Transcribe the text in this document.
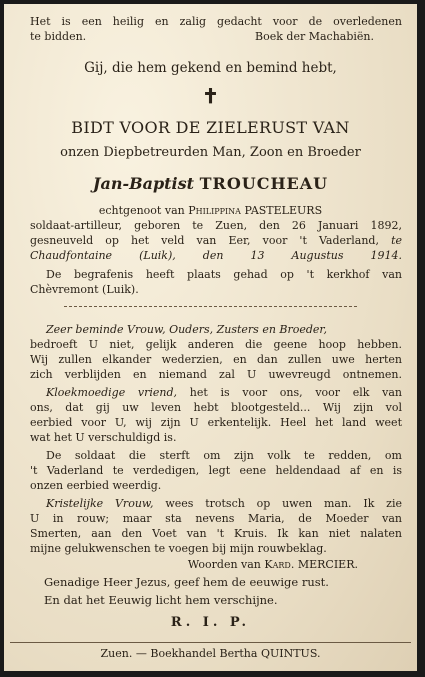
Het is een heilig en zalig gedacht voor de overledenen
te bidden.	Boek der Machabiën.
Gij, die hem gekend en bemind hebt,
✝
BIDT VOOR DE ZIELERUST VAN
onzen Diepbetreurden Man, Zoon en Broeder
Jan-Baptist TROUCHEAU
echtgenoot van Philippina PASTELEURS
soldaat-artilleur, geboren te Zuen, den 26 Januari 1892,
gesneuveld op het veld van Eer, voor 't Vaderland, te
Chaudfontaine (Luik), den 13 Augustus 1914.
De begrafenis heeft plaats gehad op 't kerkhof van
Chèvremont (Luik).
Zeer beminde Vrouw, Ouders, Zusters en Broeder,
bedroeft U niet, gelijk anderen die geene hoop hebben.
Wij zullen elkander wederzien, en dan zullen uwe herten
zich verblijden en niemand zal U uwevreugd ontnemen.
Kloekmoedige vriend, het is voor ons, voor elk van
ons, dat gij uw leven hebt blootgesteld... Wij zijn vol
eerbied voor U, wij zijn U erkentelijk. Heel het land weet
wat het U verschuldigd is.
De soldaat die sterft om zijn volk te redden, om
't Vaderland te verdedigen, legt eene heldendaad af en is
onzen eerbied weerdig.
Kristelijke Vrouw, wees trotsch op uwen man. Ik zie
U in rouw; maar sta nevens Maria, de Moeder van
Smerten, aan den Voet van 't Kruis. Ik kan niet nalaten
mijne gelukwenschen te voegen bij mijn rouwbeklag.
Woorden van Kard. MERCIER.
Genadige Heer Jezus, geef hem de eeuwige rust.
En dat het Eeuwig licht hem verschijne.
R. I. P.
Zuen. — Boekhandel Bertha QUINTUS.
